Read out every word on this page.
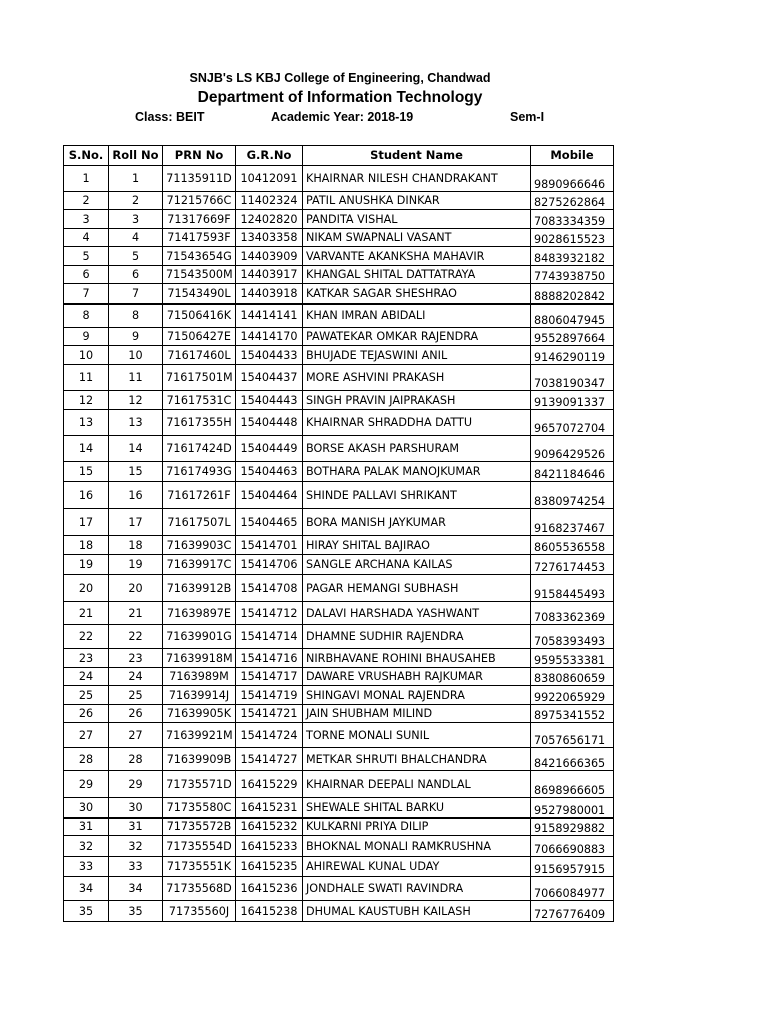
SNJB's LS KBJ College of Engineering, Chandwad
Department of Information Technology
Class: BEIT	Academic Year: 2018-19	Sem-I
S.No.	Roll No	PRN No	G.R.No	Student Name	Mobile
1	1	71135911D	10412091	KHAIRNAR NILESH CHANDRAKANT	9890966646
2	2	71215766C	11402324	PATIL ANUSHKA DINKAR	8275262864
3	3	71317669F	12402820	PANDITA VISHAL	7083334359
4	4	71417593F	13403358	NIKAM SWAPNALI VASANT	9028615523
5	5	71543654G	14403909	VARVANTE AKANKSHA MAHAVIR	8483932182
6	6	71543500M	14403917	KHANGAL SHITAL DATTATRAYA	7743938750
7	7	71543490L	14403918	KATKAR SAGAR SHESHRAO	8888202842
8	8	71506416K	14414141	KHAN IMRAN ABIDALI	8806047945
9	9	71506427E	14414170	PAWATEKAR OMKAR RAJENDRA	9552897664
10	10	71617460L	15404433	BHUJADE TEJASWINI ANIL	9146290119
11	11	71617501M	15404437	MORE ASHVINI PRAKASH	7038190347
12	12	71617531C	15404443	SINGH PRAVIN JAIPRAKASH	9139091337
13	13	71617355H	15404448	KHAIRNAR SHRADDHA DATTU	9657072704
14	14	71617424D	15404449	BORSE AKASH PARSHURAM	9096429526
15	15	71617493G	15404463	BOTHARA PALAK MANOJKUMAR	8421184646
16	16	71617261F	15404464	SHINDE PALLAVI SHRIKANT	8380974254
17	17	71617507L	15404465	BORA MANISH JAYKUMAR	9168237467
18	18	71639903C	15414701	HIRAY SHITAL BAJIRAO	8605536558
19	19	71639917C	15414706	SANGLE ARCHANA KAILAS	7276174453
20	20	71639912B	15414708	PAGAR HEMANGI SUBHASH	9158445493
21	21	71639897E	15414712	DALAVI HARSHADA YASHWANT	7083362369
22	22	71639901G	15414714	DHAMNE SUDHIR RAJENDRA	7058393493
23	23	71639918M	15414716	NIRBHAVANE ROHINI BHAUSAHEB	9595533381
24	24	7163989M	15414717	DAWARE VRUSHABH RAJKUMAR	8380860659
25	25	71639914J	15414719	SHINGAVI MONAL RAJENDRA	9922065929
26	26	71639905K	15414721	JAIN SHUBHAM MILIND	8975341552
27	27	71639921M	15414724	TORNE MONALI SUNIL	7057656171
28	28	71639909B	15414727	METKAR SHRUTI BHALCHANDRA	8421666365
29	29	71735571D	16415229	KHAIRNAR DEEPALI NANDLAL	8698966605
30	30	71735580C	16415231	SHEWALE SHITAL BARKU	9527980001
31	31	71735572B	16415232	KULKARNI PRIYA DILIP	9158929882
32	32	71735554D	16415233	BHOKNAL MONALI RAMKRUSHNA	7066690883
33	33	71735551K	16415235	AHIREWAL KUNAL UDAY	9156957915
34	34	71735568D	16415236	JONDHALE SWATI RAVINDRA	7066084977
35	35	71735560J	16415238	DHUMAL KAUSTUBH KAILASH	7276776409
